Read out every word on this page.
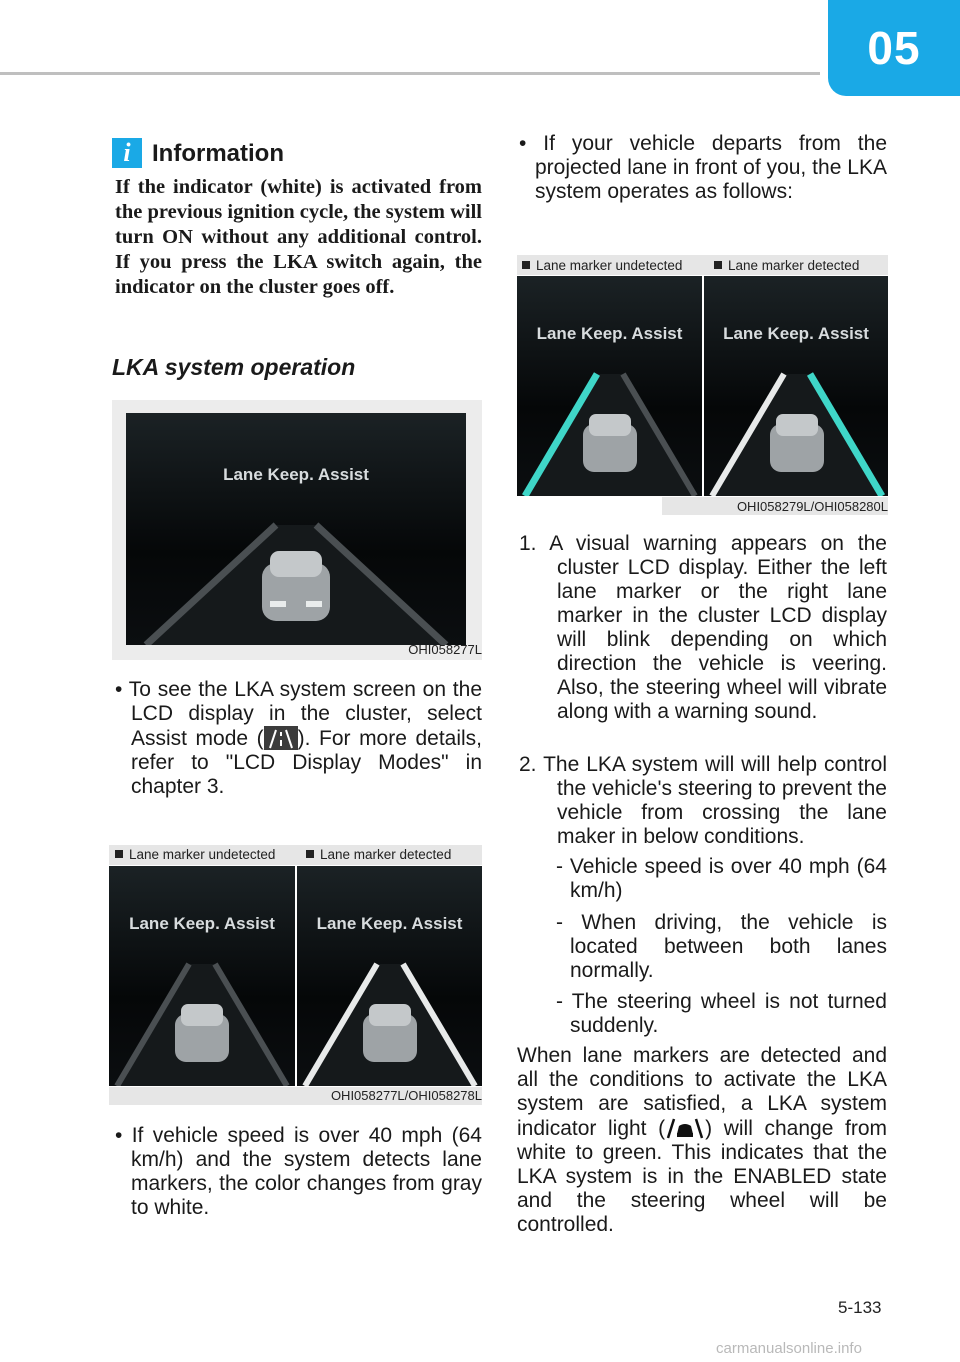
05
i Information
If the indicator (white) is activated from the previous ignition cycle, the system will turn ON without any additional control. If you press the LKA switch again, the indicator on the cluster goes off.
LKA system operation
Lane Keep. Assist
OHI058277L
• To see the LKA system screen on the LCD display in the cluster, select Assist mode ( ). For more details, refer to "LCD Display Modes" in chapter 3.
Lane marker undetected	Lane marker detected
Lane Keep. Assist	Lane Keep. Assist
OHI058277L/OHI058278L
• If vehicle speed is over 40 mph (64 km/h) and the system detects lane markers, the color changes from gray to white.
• If your vehicle departs from the projected lane in front of you, the LKA system operates as follows:
Lane marker undetected	Lane marker detected
Lane Keep. Assist	Lane Keep. Assist
OHI058279L/OHI058280L
1. A visual warning appears on the cluster LCD display. Either the left lane marker or the right lane marker in the cluster LCD display will blink depending on which direction the vehicle is veering. Also, the steering wheel will vibrate along with a warning sound.
2. The LKA system will will help control the vehicle's steering to prevent the vehicle from crossing the lane maker in below conditions.
- Vehicle speed is over 40 mph (64 km/h)
- When driving, the vehicle is located between both lanes normally.
- The steering wheel is not turned suddenly.
When lane markers are detected and all the conditions to activate the LKA system are satisfied, a LKA system indicator light ( ) will change from white to green. This indicates that the LKA system is in the ENABLED state and the steering wheel will be controlled.
5-133
carmanualsonline.info
